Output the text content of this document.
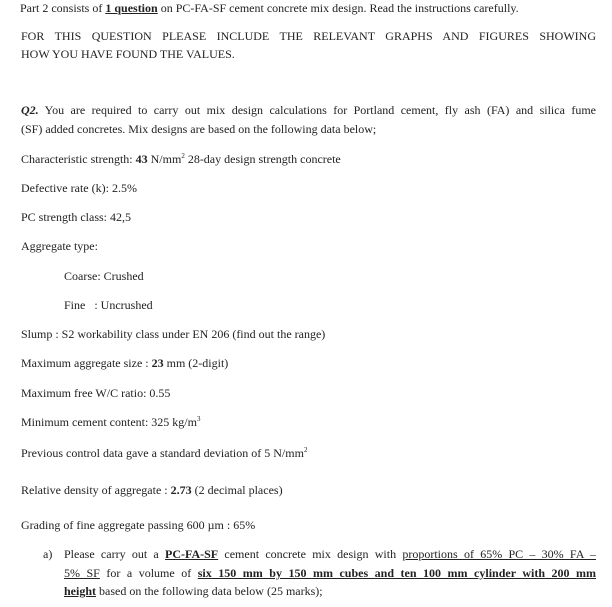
Part 2 consists of 1 question on PC-FA-SF cement concrete mix design. Read the instructions carefully.
FOR THIS QUESTION PLEASE INCLUDE THE RELEVANT GRAPHS AND FIGURES SHOWING
HOW YOU HAVE FOUND THE VALUES.
Q2. You are required to carry out mix design calculations for Portland cement, fly ash (FA) and silica fume
(SF) added concretes. Mix designs are based on the following data below;
Characteristic strength: 43 $N/mm^2$ 28-day design strength concrete
Defective rate (k): 2.5%
PC strength class: 42,5
Aggregate type:
Coarse: Crushed
Fine   : Uncrushed
Slump : S2 workability class under EN 206 (find out the range)
Maximum aggregate size : 23 mm (2-digit)
Maximum free W/C ratio: 0.55
Minimum cement content: 325 $kg/m^3$
Previous control data gave a standard deviation of 5 $N/mm^2$
Relative density of aggregate : 2.73 (2 decimal places)
Grading of fine aggregate passing 600 µm : 65%
a) Please carry out a PC-FA-SF cement concrete mix design with proportions of 65% PC – 30% FA –
5% SF for a volume of six 150 mm by 150 mm cubes and ten 100 mm cylinder with 200 mm
height based on the following data below (25 marks);
